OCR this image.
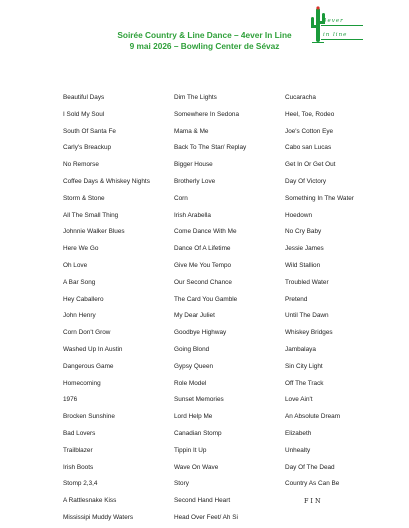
4ever
in line
Soirée Country & Line Dance – 4ever In Line
9 mai 2026 – Bowling Center de Sévaz
Beautiful Days
I Sold My Soul
South Of Santa Fe
Carly's Breackup
No Remorse
Coffee Days & Whiskey Nights
Storm & Stone
All The Small Thing
Johnnie Walker Blues
Here We Go
Oh Love
A Bar Song
Hey Caballero
John Henry
Corn Don't Grow
Washed Up In Austin
Dangerous Game
Homecoming
1976
Brocken Sunshine
Bad Lovers
Trailblazer
Irish Boots
Stomp 2,3,4
A Rattlesnake Kiss
Mississipi Muddy Waters
Dim The Lights
Somewhere In Sedona
Mama & Me
Back To The Star/ Replay
Bigger House
Brotherly Love
Corn
Irish Arabella
Come Dance With Me
Dance Of A Lifetime
Give Me You Tempo
Our Second Chance
The Card You Gamble
My Dear Juliet
Goodbye Highway
Going Blond
Gypsy Queen
Role Model
Sunset Memories
Lord Help Me
Canadian Stomp
Tippin It Up
Wave On Wave
Story
Second Hand Heart
Head Over Feet/ Ah Si
Cucaracha
Heel, Toe, Rodeo
Joe's Cotton Eye
Cabo san Lucas
Get In Or Get Out
Day Of Victory
Something In The Water
Hoedown
No Cry Baby
Jessie James
Wild Stallion
Troubled Water
Pretend
Until The Dawn
Whiskey Bridges
Jambalaya
Sin City Light
Off The Track
Love Ain't
An Absolute Dream
Elizabeth
Unhealty
Day Of The Dead
Country As Can Be
FIN
